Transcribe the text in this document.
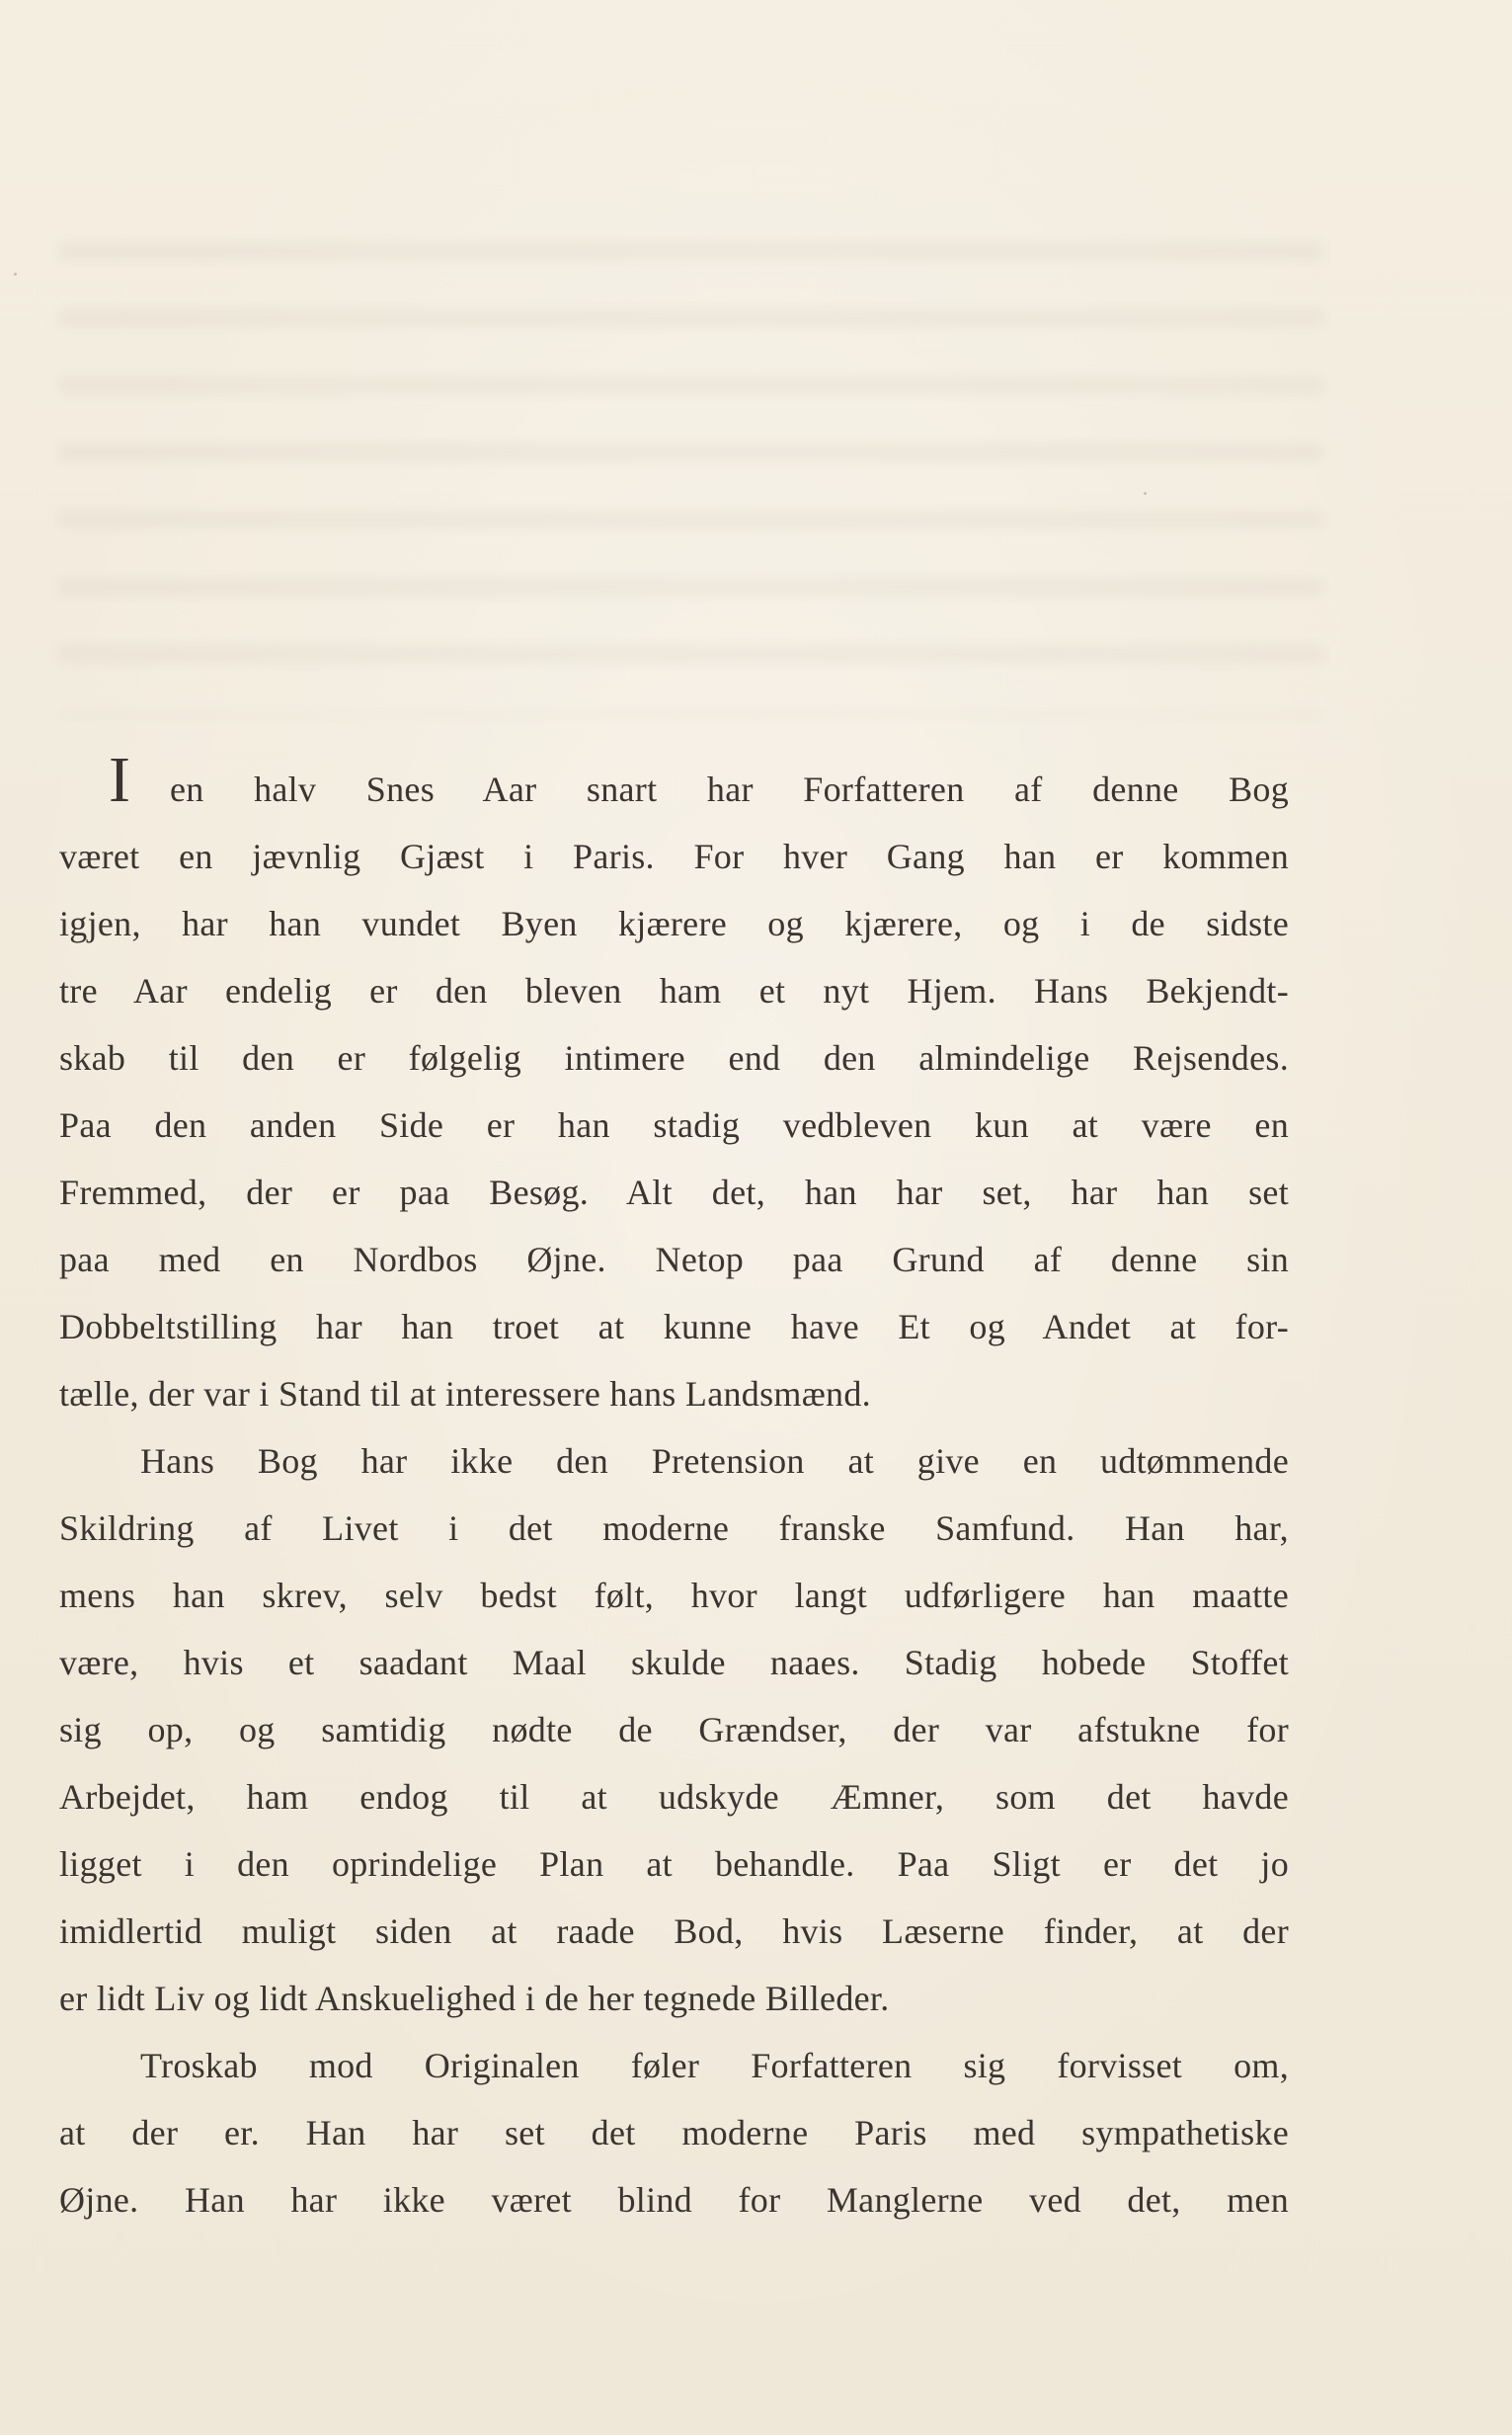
I	en halv Snes Aar snart har Forfatteren af denne Bog
været en jævnlig Gjæst i Paris. For hver Gang han er kommen
igjen, har han vundet Byen kjærere og kjærere, og i de sidste
tre Aar endelig er den bleven ham et nyt Hjem. Hans Bekjendt-
skab til den er følgelig intimere end den almindelige Rejsendes.
Paa den anden Side er han stadig vedbleven kun at være en
Fremmed, der er paa Besøg. Alt det, han har set, har han set
paa med en Nordbos Øjne. Netop paa Grund af denne sin
Dobbeltstilling har han troet at kunne have Et og Andet at for-
tælle, der var i Stand til at interessere hans Landsmænd.
Hans Bog har ikke den Pretension at give en udtømmende
Skildring af Livet i det moderne franske Samfund. Han har,
mens han skrev, selv bedst følt, hvor langt udførligere han maatte
være, hvis et saadant Maal skulde naaes. Stadig hobede Stoffet
sig op, og samtidig nødte de Grændser, der var afstukne for
Arbejdet, ham endog til at udskyde Æmner, som det havde
ligget i den oprindelige Plan at behandle. Paa Sligt er det jo
imidlertid muligt siden at raade Bod, hvis Læserne finder, at der
er lidt Liv og lidt Anskuelighed i de her tegnede Billeder.
Troskab mod Originalen føler Forfatteren sig forvisset om,
at der er. Han har set det moderne Paris med sympathetiske
Øjne. Han har ikke været blind for Manglerne ved det, men
